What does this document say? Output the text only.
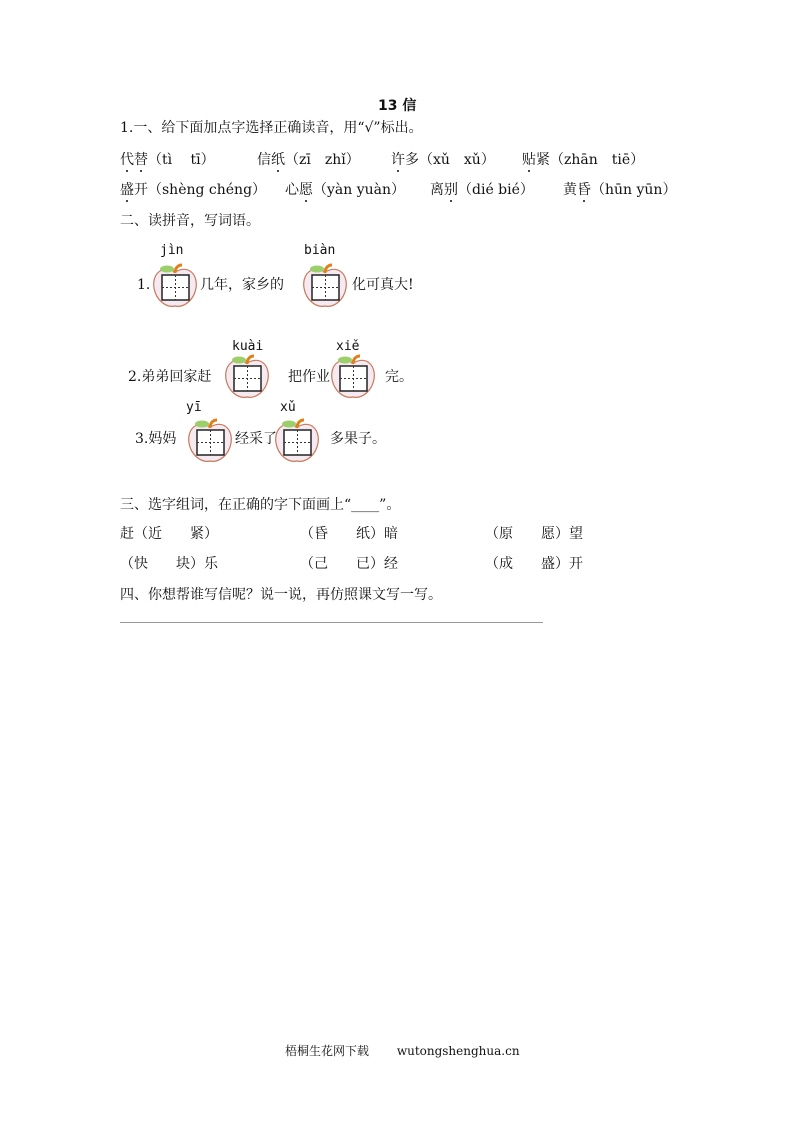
13 信
1.一、给下面加点字选择正确读音，用“√”标出。
代替（tì　 tī）	信纸（zī　zhǐ） 许多（xǔ　xǔ） 贴紧（zhān　tiē）
盛开（shèng chéng） 心愿（yàn yuàn） 离别（dié bié） 黄昏（hūn yūn）
二、读拼音，写词语。
jìn	biàn
1.	几年，家乡的	化可真大!
kuài	xiě
2.弟弟回家赶	把作业	完。
yī	xǔ
3.妈妈	经采了	多果子。
三、选字组词，在正确的字下面画上“____”。
赶（近　　紧）	（昏　　纸）暗	（原　　愿）望
（快　　块）乐	（己　　已）经	（成　　盛）开
四、你想帮谁写信呢？说一说，再仿照课文写一写。
梧桐生花网下载　　 wutongshenghua.cn
